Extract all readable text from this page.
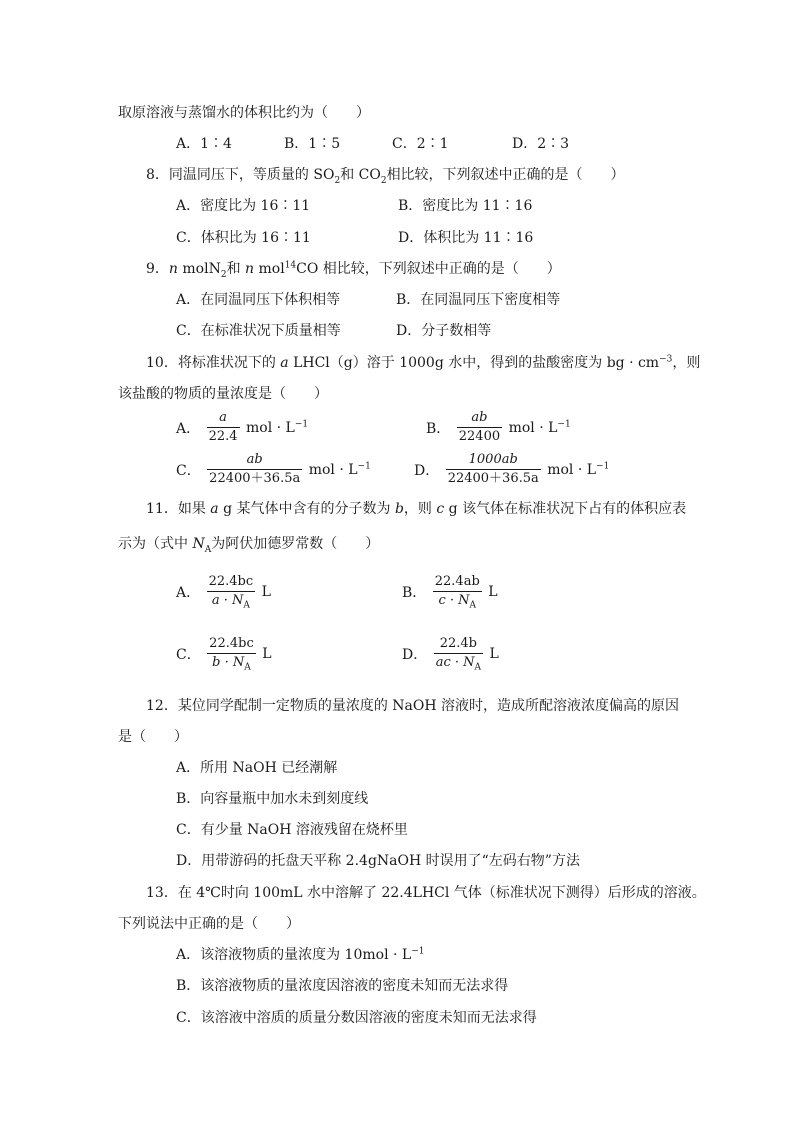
取原溶液与蒸馏水的体积比约为（　　）
A．1∶4	B．1∶5	C．2∶1	D．2∶3
8．同温同压下，等质量的 $SO_2$和 $CO_2$相比较，下列叙述中正确的是（　　）
A．密度比为 16∶11	B．密度比为 11∶16
C．体积比为 16∶11	D．体积比为 11∶16
9．n molN$_2$和 n mol$^{14}$CO 相比较，下列叙述中正确的是（　　）
A．在同温同压下体积相等	B．在同温同压下密度相等
C．在标准状况下质量相等	D．分子数相等
10．将标准状况下的 a LHCl（g）溶于 1000g 水中，得到的盐酸密度为 bg · $cm^{-3}$，则
该盐酸的物质的量浓度是（　　）
A． $\frac{a}{22.4}$ mol · $L^{-1}$	B． $\frac{ab}{22400}$ mol · $L^{-1}$
C． $\frac{ab}{22400+36.5a}$ mol · $L^{-1}$	D． $\frac{1000ab}{22400+36.5a}$ mol · $L^{-1}$
11．如果 a g 某气体中含有的分子数为 b，则 c g 该气体在标准状况下占有的体积应表
示为（式中 $N_A$为阿伏加德罗常数（　　）
A． $\frac{22.4bc}{a \cdot N_A}$ L	B． $\frac{22.4ab}{c \cdot N_A}$ L
C． $\frac{22.4bc}{b \cdot N_A}$ L	D． $\frac{22.4b}{ac \cdot N_A}$ L
12．某位同学配制一定物质的量浓度的 NaOH 溶液时，造成所配溶液浓度偏高的原因
是（　　）
A．所用 NaOH 已经潮解
B．向容量瓶中加水未到刻度线
C．有少量 NaOH 溶液残留在烧杯里
D．用带游码的托盘天平称 2.4gNaOH 时误用了“左码右物”方法
13．在 4℃时向 100mL 水中溶解了 22.4LHCl 气体（标准状况下测得）后形成的溶液。
下列说法中正确的是（　　）
A．该溶液物质的量浓度为 $10mol \cdot L^{-1}$
B．该溶液物质的量浓度因溶液的密度未知而无法求得
C．该溶液中溶质的质量分数因溶液的密度未知而无法求得
